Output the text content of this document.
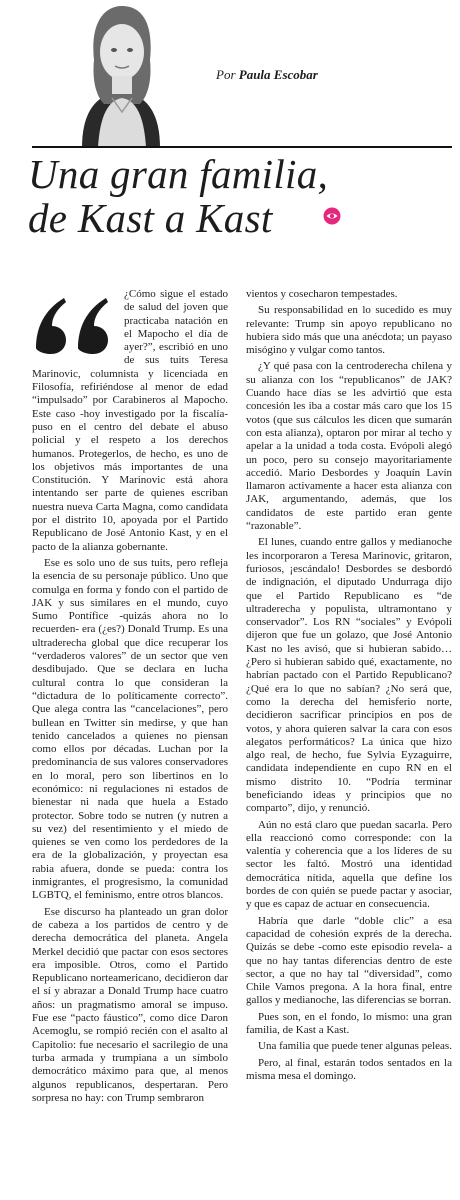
Por Paula Escobar
Una gran familia,
de Kast a Kast

¿Cómo sigue el estado de salud del joven que practicaba natación en el Mapocho el día de ayer?”, escribió en uno de sus tuits Teresa Marinovic, columnista y licenciada en Filosofía, refiriéndose al menor de edad “impulsado” por Carabineros al Mapocho. Este caso -hoy investigado por la fiscalía- puso en el centro del debate el abuso policial y el respeto a los derechos humanos. Protegerlos, de hecho, es uno de los objetivos más importantes de una Constitución. Y Marinovic está ahora intentando ser parte de quienes escriban nuestra nueva Carta Magna, como candidata por el distrito 10, apoyada por el Partido Republicano de José Antonio Kast, y en el pacto de la alianza gobernante.

Ese es solo uno de sus tuits, pero refleja la esencia de su personaje público. Uno que comulga en forma y fondo con el partido de JAK y sus similares en el mundo, cuyo Sumo Pontífice -quizás ahora no lo recuerden- era (¿es?) Donald Trump. Es una ultraderecha global que dice recuperar los “verdaderos valores” de un sector que ven desdibujado. Que se declara en lucha cultural contra lo que consideran la “dictadura de lo políticamente correcto”. Que alega contra las “cancelaciones”, pero bullean en Twitter sin medirse, y que han tenido cancelados a quienes no piensan como ellos por décadas. Luchan por la predominancia de sus valores conservadores en lo moral, pero son libertinos en lo económico: ni regulaciones ni estados de bienestar ni nada que huela a Estado protector. Sobre todo se nutren (y nutren a su vez) del resentimiento y el miedo de quienes se ven como los perdedores de la era de la globalización, y proyectan esa rabia afuera, donde se pueda: contra los inmigrantes, el progresismo, la comunidad LGBTQ, el feminismo, entre otros blancos.

Ese discurso ha planteado un gran dolor de cabeza a los partidos de centro y de derecha democrática del planeta. Angela Merkel decidió que pactar con esos sectores era imposible. Otros, como el Partido Republicano norteamericano, decidieron dar el sí y abrazar a Donald Trump hace cuatro años: un pragmatismo amoral se impuso. Fue ese “pacto fáustico”, como dice Daron Acemoglu, se rompió recién con el asalto al Capitolio: fue necesario el sacrilegio de una turba armada y trumpiana a un símbolo democrático máximo para que, al menos algunos republicanos, despertaran. Pero sorpresa no hay: con Trump sembraron

vientos y cosecharon tempestades.

Su responsabilidad en lo sucedido es muy relevante: Trump sin apoyo republicano no hubiera sido más que una anécdota; un payaso misógino y vulgar como tantos.

¿Y qué pasa con la centroderecha chilena y su alianza con los “republicanos” de JAK? Cuando hace días se les advirtió que esta concesión les iba a costar más caro que los 15 votos (que sus cálculos les dicen que sumarán con esta alianza), optaron por mirar al techo y apelar a la unidad a toda costa. Evópoli alegó un poco, pero su consejo mayoritariamente accedió. Mario Desbordes y Joaquín Lavín llamaron activamente a hacer esta alianza con JAK, argumentando, además, que los candidatos de este partido eran gente “razonable”.

El lunes, cuando entre gallos y medianoche les incorporaron a Teresa Marinovic, gritaron, furiosos, ¡escándalo! Desbordes se desbordó de indignación, el diputado Undurraga dijo que el Partido Republicano es “de ultraderecha y populista, ultramontano y conservador”. Los RN “sociales” y Evópoli dijeron que fue un golazo, que José Antonio Kast no les avisó, que si hubieran sabido… ¿Pero si hubieran sabido qué, exactamente, no habrían pactado con el Partido Republicano? ¿Qué era lo que no sabían? ¿No será que, como la derecha del hemisferio norte, decidieron sacrificar principios en pos de votos, y ahora quieren salvar la cara con esos alegatos performáticos? La única que hizo algo real, de hecho, fue Sylvia Eyzaguirre, candidata independiente en cupo RN en el mismo distrito 10. “Podría terminar beneficiando ideas y principios que no comparto”, dijo, y renunció.

Aún no está claro que puedan sacarla. Pero ella reaccionó como corresponde: con la valentía y coherencia que a los líderes de su sector les faltó. Mostró una identidad democrática nítida, aquella que define los bordes de con quién se puede pactar y asociar, y que es capaz de actuar en consecuencia.

Habría que darle “doble clic” a esa capacidad de cohesión exprés de la derecha. Quizás se debe -como este episodio revela- a que no hay tantas diferencias dentro de este sector, a que no hay tal “diversidad”, como Chile Vamos pregona. A la hora final, entre gallos y medianoche, las diferencias se borran.

Pues son, en el fondo, lo mismo: una gran familia, de Kast a Kast.

Una familia que puede tener algunas peleas.

Pero, al final, estarán todos sentados en la misma mesa el domingo.
